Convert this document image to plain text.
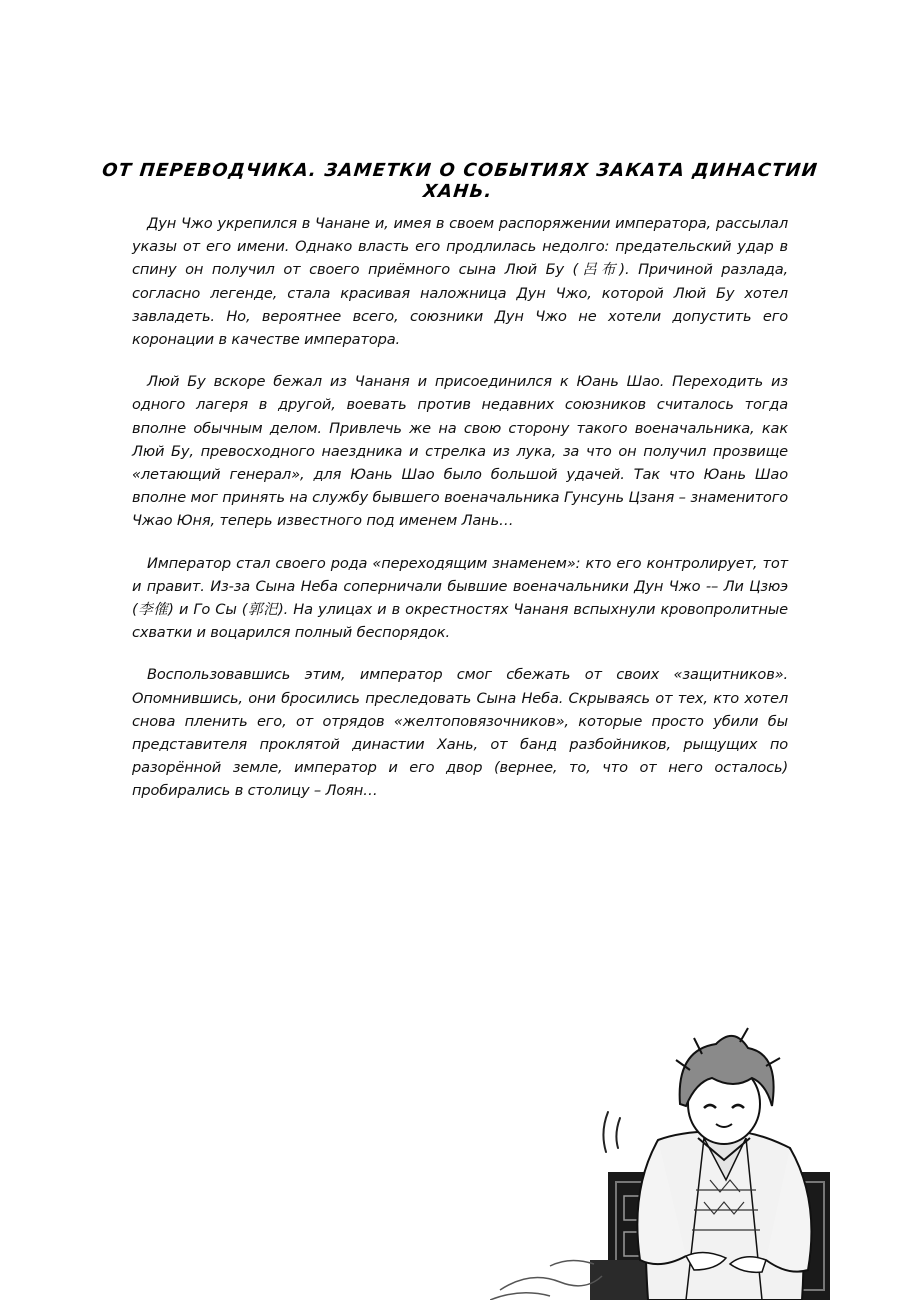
ОТ ПЕРЕВОДЧИКА. ЗАМЕТКИ О СОБЫТИЯХ ЗАКАТА ДИНАСТИИ ХАНЬ.

Дун Чжо укрепился в Чанане и, имея в своем распоряжении императора, рассылал указы от его имени. Однако власть его продлилась недолго: предательский удар в спину он получил от своего приёмного сына Люй Бу (呂布). Причиной разлада, согласно легенде, стала красивая наложница Дун Чжо, которой Люй Бу хотел завладеть. Но, вероятнее всего, союзники Дун Чжо не хотели допустить его коронации в качестве императора.

Люй Бу вскоре бежал из Чананя и присоединился к Юань Шао. Переходить из одного лагеря в другой, воевать против недавних союзников считалось тогда вполне обычным делом. Привлечь же на свою сторону такого военачальника, как Люй Бу, превосходного наездника и стрелка из лука, за что он получил прозвище «летающий генерал», для Юань Шао было большой удачей. Так что Юань Шао вполне мог принять на службу бывшего военачальника Гунсунь Цзаня – знаменитого Чжао Юня, теперь известного под именем Лань…

Император стал своего рода «переходящим знаменем»: кто его контролирует, тот и правит. Из-за Сына Неба соперничали бывшие военачальники Дун Чжо -– Ли Цзюэ (李傕) и Го Сы (郭汜). На улицах и в окрестностях Чананя вспыхнули кровопролитные схватки и воцарился полный беспорядок.

Воспользовавшись этим, император смог сбежать от своих «защитников». Опомнившись, они бросились преследовать Сына Неба. Скрываясь от тех, кто хотел снова пленить его, от отрядов «желтоповязочников», которые просто убили бы представителя проклятой династии Хань, от банд разбойников, рыщущих по разорённой земле, император и его двор (вернее, то, что от него осталось) пробирались в столицу – Лоян…
